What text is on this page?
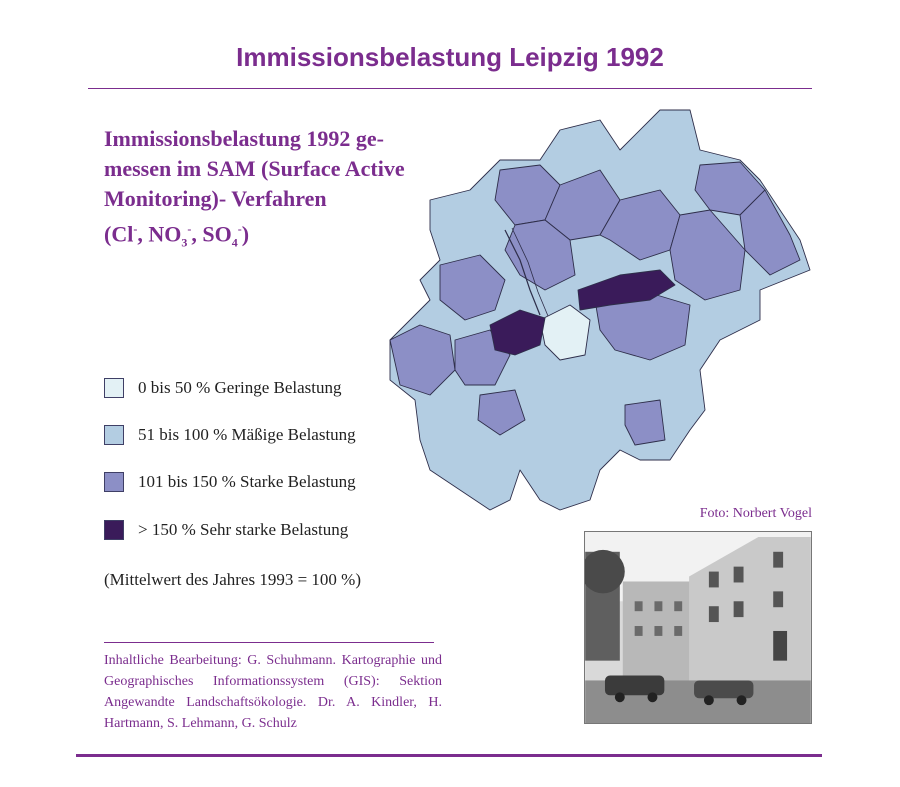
Immissionsbelastung Leipzig 1992
Immissionsbelastung 1992 ge-
messen im SAM (Surface Active
Monitoring)- Verfahren
(Cl-, $NO_3^-$, $SO_4^-$)
0 bis 50 % Geringe Belastung
51 bis 100 % Mäßige Belastung
101 bis 150 % Starke Belastung
> 150 % Sehr starke Belastung
(Mittelwert des Jahres 1993 = 100 %)
Inhaltliche Bearbeitung: G. Schuhmann. Kartographie und Geographisches Informationssystem (GIS): Sektion Angewandte Landschaftsökologie. Dr. A. Kindler, H. Hartmann, S. Lehmann, G. Schulz
Foto: Norbert Vogel
